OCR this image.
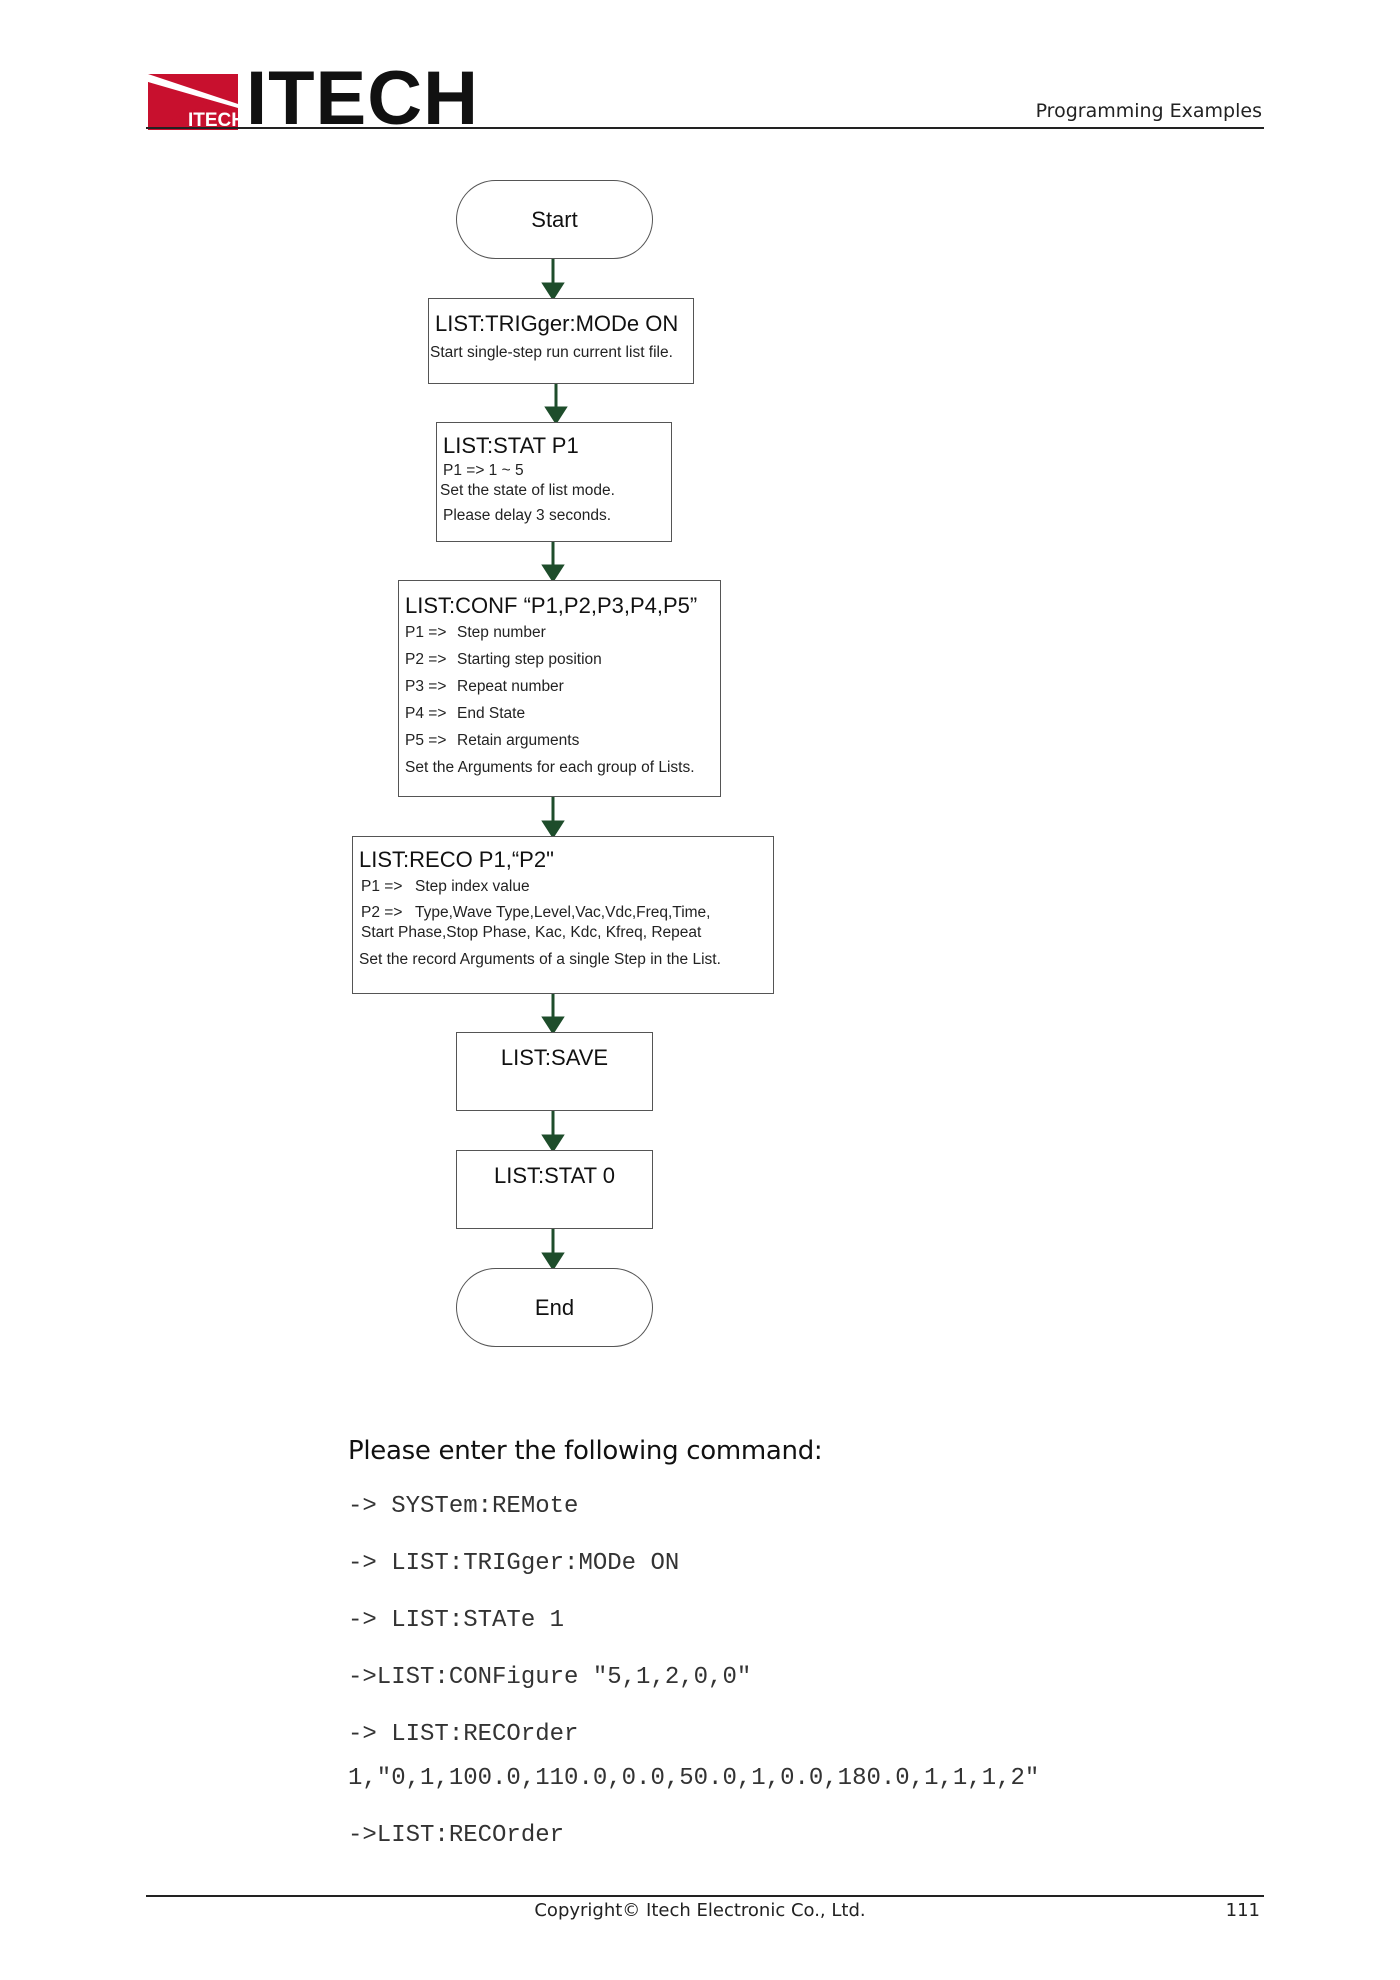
ITECH ITECH	Programming Examples
Start
LIST:TRIGger:MODe ON
Start single-step run current list file.
LIST:STAT P1
P1 => 1 ~ 5
Set the state of list mode.
Please delay 3 seconds.
LIST:CONF “P1,P2,P3,P4,P5”
P1 => Step number
P2 => Starting step position
P3 => Repeat number
P4 => End State
P5 => Retain arguments
Set the Arguments for each group of Lists.
LIST:RECO P1,“P2"
P1 => Step index value
P2 => Type,Wave Type,Level,Vac,Vdc,Freq,Time,
Start Phase,Stop Phase, Kac, Kdc, Kfreq, Repeat
Set the record Arguments of a single Step in the List.
LIST:SAVE
LIST:STAT 0
End
Please enter the following command:
-> SYSTem:REMote
-> LIST:TRIGger:MODe ON
-> LIST:STATe 1
->LIST:CONFigure "5,1,2,0,0"
-> LIST:RECOrder
1,"0,1,100.0,110.0,0.0,50.0,1,0.0,180.0,1,1,1,2"
->LIST:RECOrder
Copyright© Itech Electronic Co., Ltd.	111
